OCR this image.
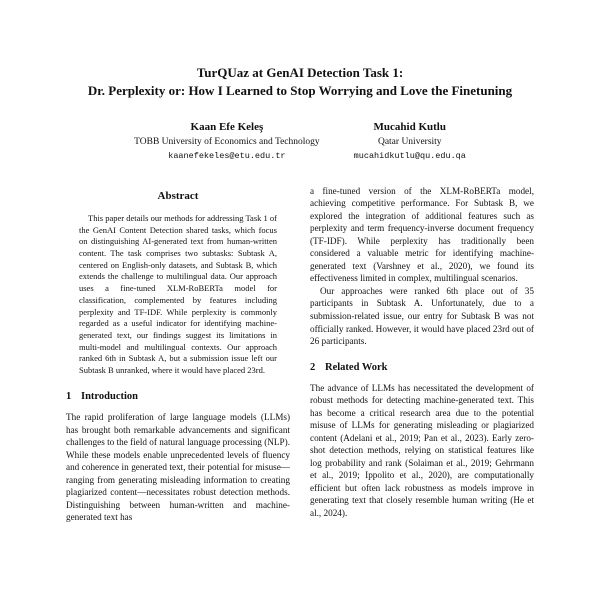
TurQUaz at GenAI Detection Task 1:
Dr. Perplexity or: How I Learned to Stop Worrying and Love the Finetuning
Kaan Efe Keleş
TOBB University of Economics and Technology
kaanefekeles@etu.edu.tr
Mucahid Kutlu
Qatar University
mucahidkutlu@qu.edu.qa
Abstract

This paper details our methods for addressing Task 1 of the GenAI Content Detection shared tasks, which focus on distinguishing AI-generated text from human-written content. The task comprises two subtasks: Subtask A, centered on English-only datasets, and Subtask B, which extends the challenge to multilingual data. Our approach uses a fine-tuned XLM-RoBERTa model for classification, complemented by features including perplexity and TF-IDF. While perplexity is commonly regarded as a useful indicator for identifying machine-generated text, our findings suggest its limitations in multi-model and multilingual contexts. Our approach ranked 6th in Subtask A, but a submission issue left our Subtask B unranked, where it would have placed 23rd.

1 Introduction

The rapid proliferation of large language models (LLMs) has brought both remarkable advancements and significant challenges to the field of natural language processing (NLP). While these models enable unprecedented levels of fluency and coherence in generated text, their potential for misuse—ranging from generating misleading information to creating plagiarized content—necessitates robust detection methods. Distinguishing between human-written and machine-generated text has

a fine-tuned version of the XLM-RoBERTa model, achieving competitive performance. For Subtask B, we explored the integration of additional features such as perplexity and term frequency-inverse document frequency (TF-IDF). While perplexity has traditionally been considered a valuable metric for identifying machine-generated text (Varshney et al., 2020), we found its effectiveness limited in complex, multilingual scenarios.

Our approaches were ranked 6th place out of 35 participants in Subtask A. Unfortunately, due to a submission-related issue, our entry for Subtask B was not officially ranked. However, it would have placed 23rd out of 26 participants.

2 Related Work

The advance of LLMs has necessitated the development of robust methods for detecting machine-generated text. This has become a critical research area due to the potential misuse of LLMs for generating misleading or plagiarized content (Adelani et al., 2019; Pan et al., 2023). Early zero-shot detection methods, relying on statistical features like log probability and rank (Solaiman et al., 2019; Gehrmann et al., 2019; Ippolito et al., 2020), are computationally efficient but often lack robustness as models improve in generating text that closely resemble human writing (He et al., 2024).
